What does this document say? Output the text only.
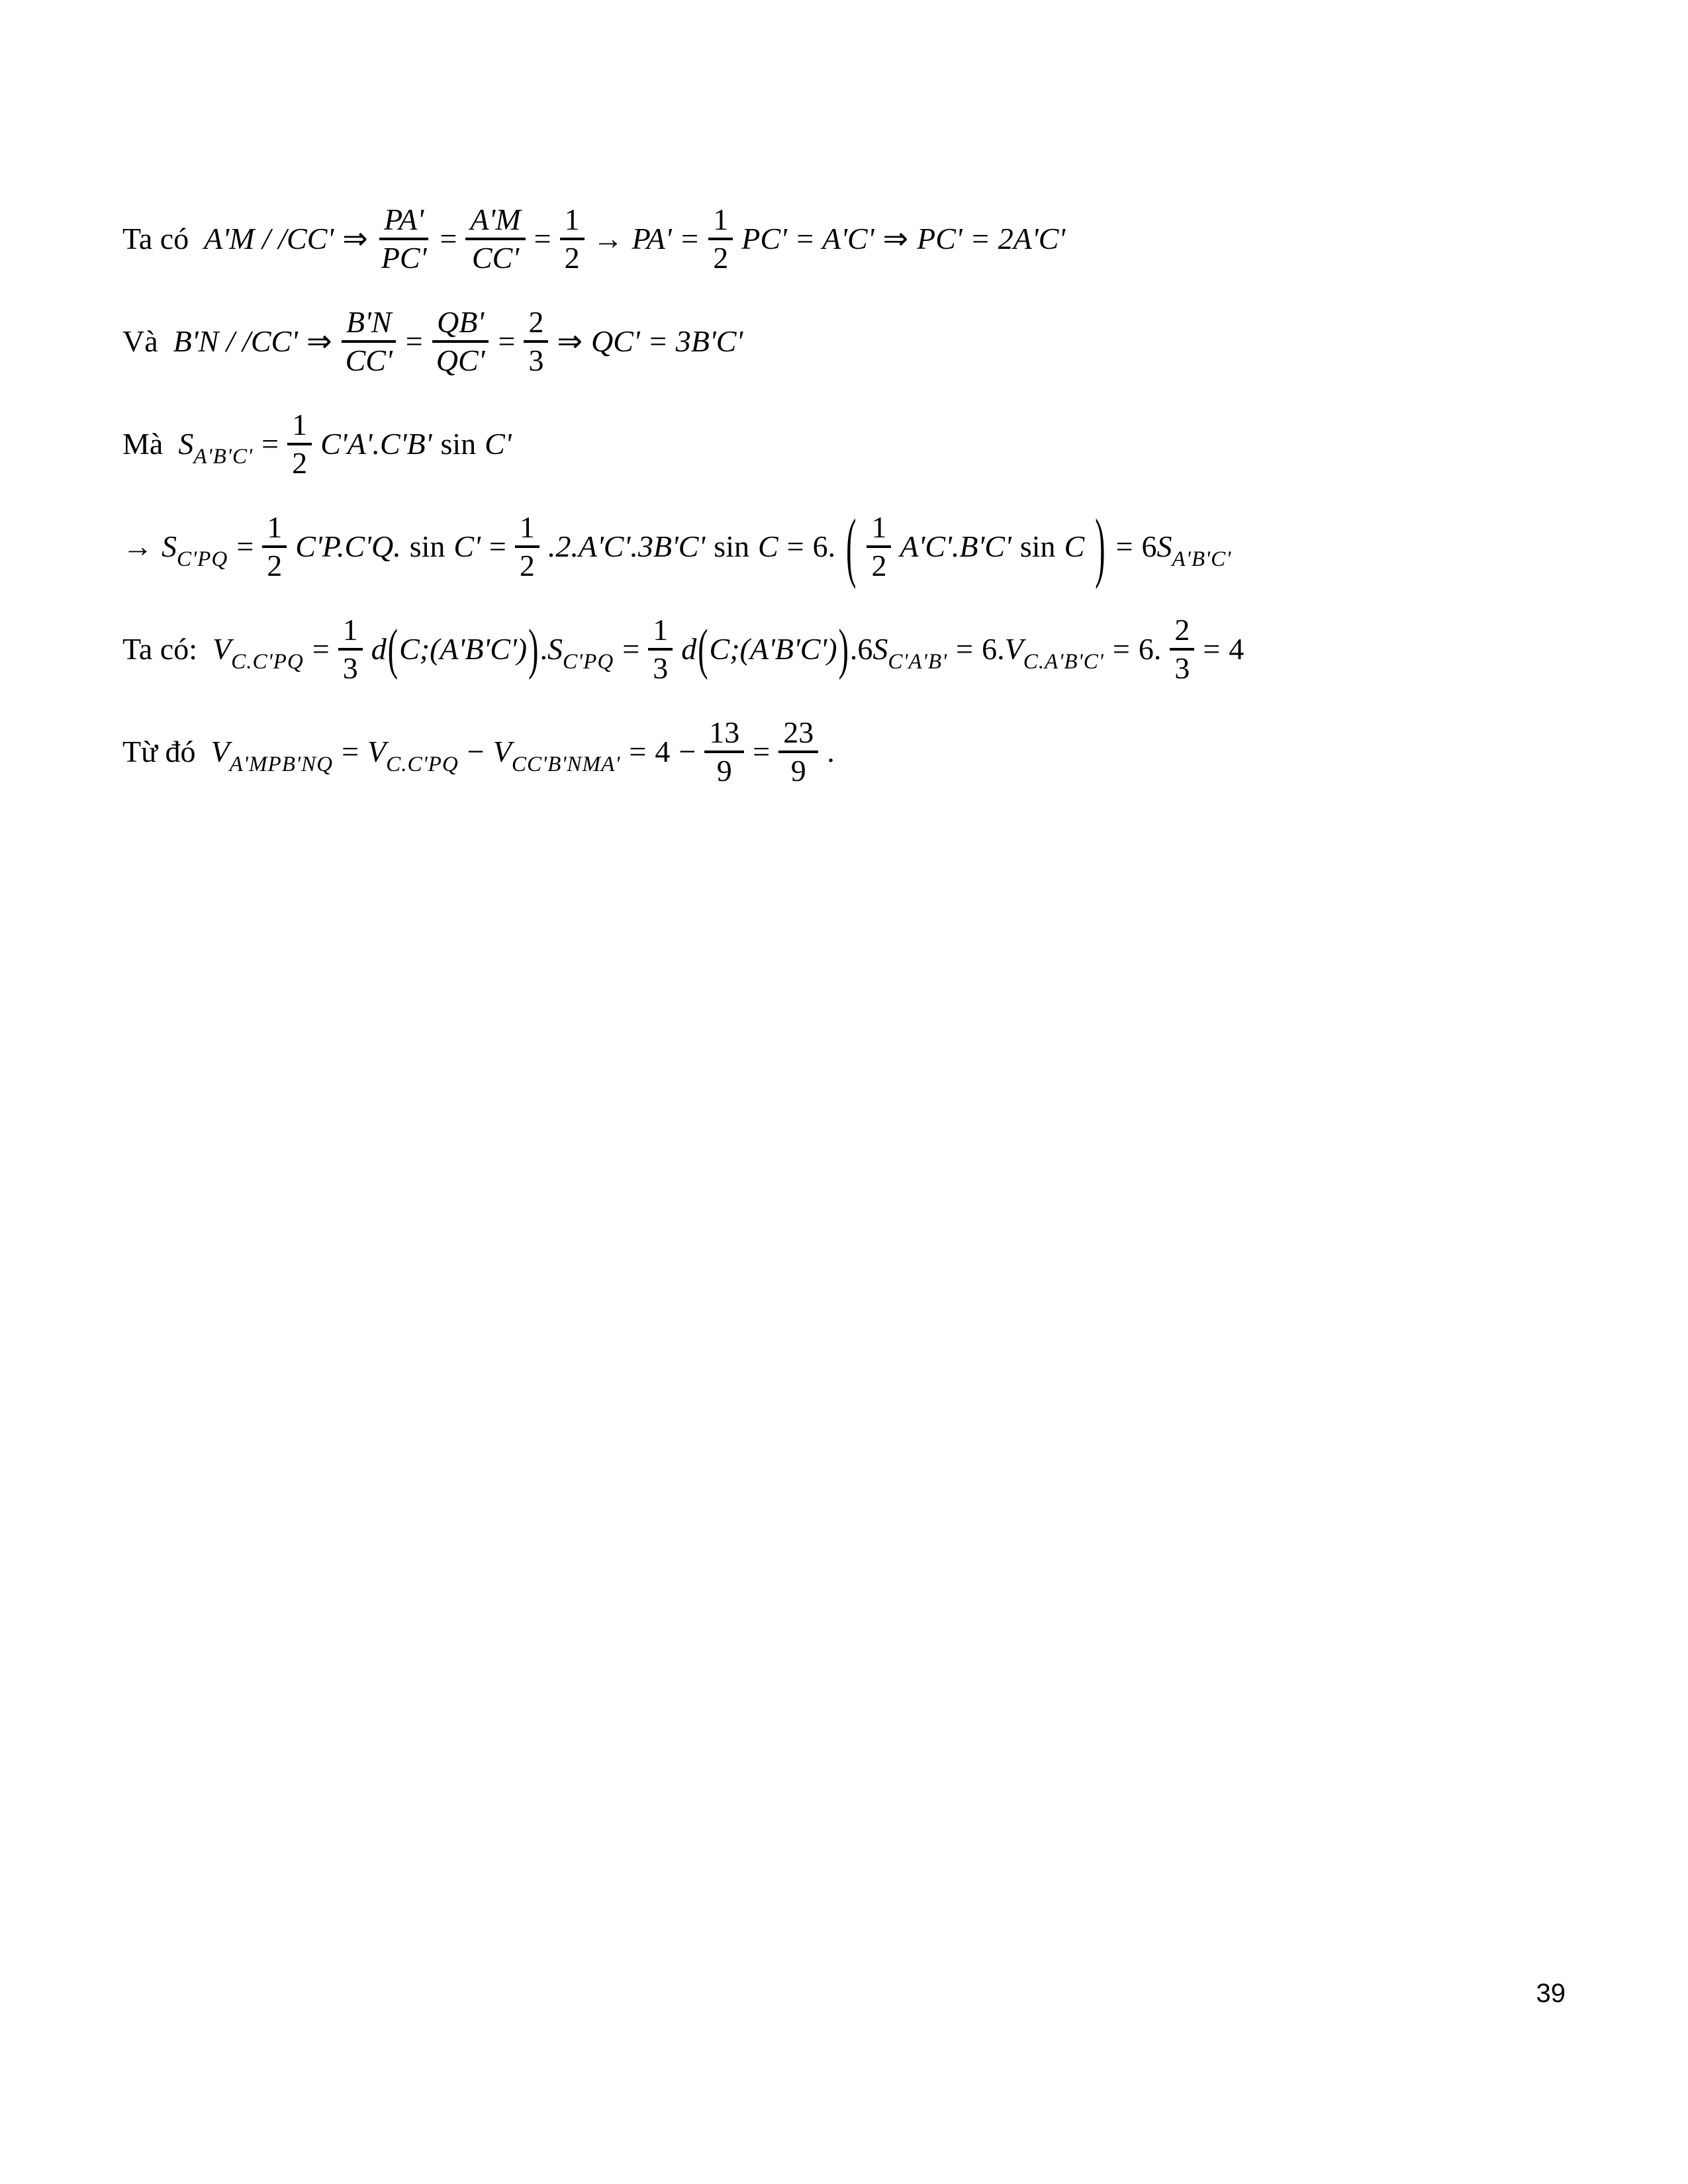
Ta có A'M / /CC' ⇒ $\frac{PA'}{PC'} = \frac{A'M}{CC'} = \frac{1}{2} \to PA' = \frac{1}{2} PC' = A'C'$ ⇒ PC' = 2A'C'
Và B'N / /CC' ⇒ $\frac{B'N}{CC'} = \frac{QB'}{QC'} = \frac{2}{3}$ ⇒ QC' = 3B'C'
Mà $S_{A'B'C'} = \frac{1}{2} C'A'.C'B'$ sin C'
→ $S_{C'PQ} = \frac{1}{2} C'P.C'Q$. $\sin C' = \frac{1}{2} .2.A'C'.3B'C'$ sin C = 6. ( $\frac{1}{2} A'C'.B'C'$ sin C ) = $6S_{A'B'C'}$
Ta có: $V_{C.C'PQ} = \frac{1}{3}$ $d(C;(A'B'C')).S_{C'PQ} = \frac{1}{3}$ $d(C;(A'B'C')).6S_{C'A'B'} = 6.V_{C.A'B'C'} = 6$. $\frac{2}{3} = 4$
Từ đó $V_{A'MPB'NQ} = V_{C.C'PQ} - V_{CC'B'NMA'} = 4 - \frac{13}{9} = \frac{23}{9}$ .
39
